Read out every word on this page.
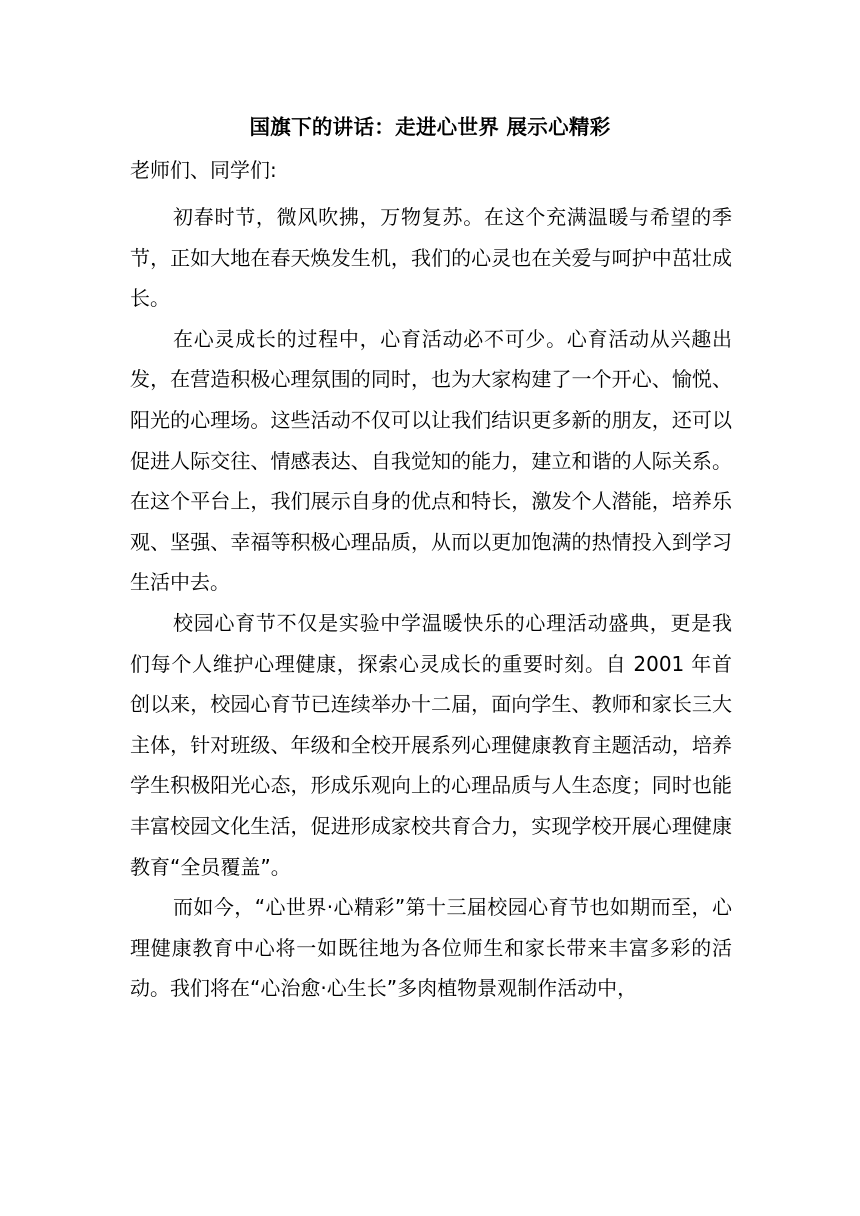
国旗下的讲话：走进心世界 展示心精彩
老师们、同学们:

初春时节，微风吹拂，万物复苏。在这个充满温暖与希望的季节，正如大地在春天焕发生机，我们的心灵也在关爱与呵护中茁壮成长。

在心灵成长的过程中，心育活动必不可少。心育活动从兴趣出发，在营造积极心理氛围的同时，也为大家构建了一个开心、愉悦、阳光的心理场。这些活动不仅可以让我们结识更多新的朋友，还可以促进人际交往、情感表达、自我觉知的能力，建立和谐的人际关系。在这个平台上，我们展示自身的优点和特长，激发个人潜能，培养乐观、坚强、幸福等积极心理品质，从而以更加饱满的热情投入到学习生活中去。

校园心育节不仅是实验中学温暖快乐的心理活动盛典，更是我们每个人维护心理健康，探索心灵成长的重要时刻。自 2001 年首创以来，校园心育节已连续举办十二届，面向学生、教师和家长三大主体，针对班级、年级和全校开展系列心理健康教育主题活动，培养学生积极阳光心态，形成乐观向上的心理品质与人生态度；同时也能丰富校园文化生活，促进形成家校共育合力，实现学校开展心理健康教育“全员覆盖”。

而如今，“心世界·心精彩”第十三届校园心育节也如期而至，心理健康教育中心将一如既往地为各位师生和家长带来丰富多彩的活动。我们将在“心治愈·心生长”多肉植物景观制作活动中，
